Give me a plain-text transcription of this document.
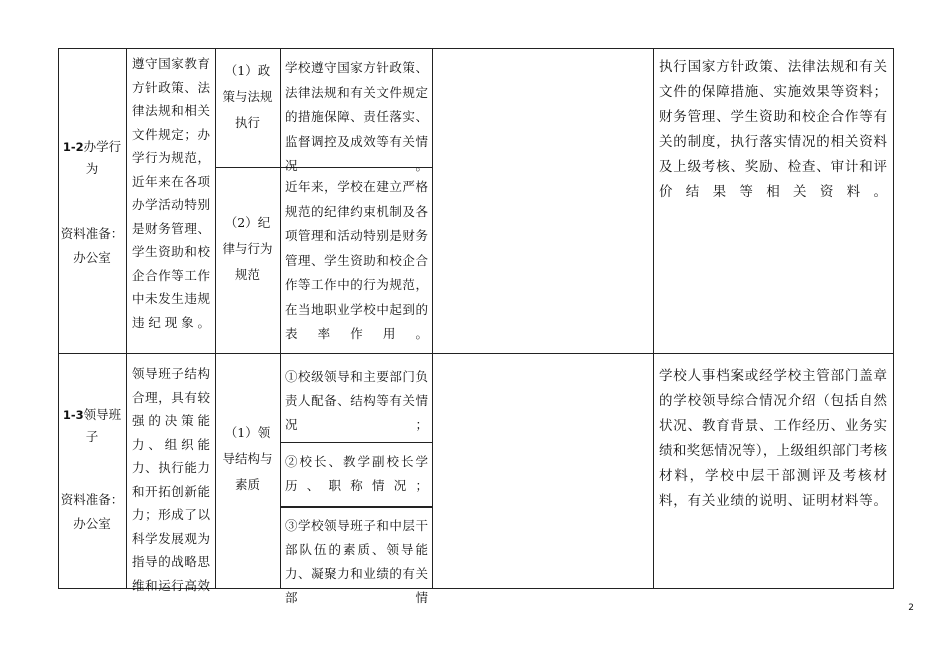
1-2办学行为
资料准备：
办公室
遵守国家教育方针政策、法律法规和相关文件规定；办学行为规范，近年来在各项办学活动特别是财务管理、学生资助和校企合作等工作中未发生违规违纪现象。
（1）政策与法规执行
学校遵守国家方针政策、法律法规和有关文件规定的措施保障、责任落实、监督调控及成效等有关情况。
（2）纪律与行为规范
近年来，学校在建立严格规范的纪律约束机制及各项管理和活动特别是财务管理、学生资助和校企合作等工作中的行为规范，在当地职业学校中起到的表率作用。
执行国家方针政策、法律法规和有关文件的保障措施、实施效果等资料；财务管理、学生资助和校企合作等有关的制度，执行落实情况的相关资料及上级考核、奖励、检查、审计和评价结果等相关资料。
1-3领导班子
资料准备：
办公室
领导班子结构合理，具有较强的决策能力、组织能力、执行能力和开拓创新能力；形成了以科学发展观为指导的战略思维和运行高效
（1）领导结构与素质
①校级领导和主要部门负责人配备、结构等有关情况；
②校长、教学副校长学历、职称情况；
③学校领导班子和中层干部队伍的素质、领导能力、凝聚力和业绩的有关部情
学校人事档案或经学校主管部门盖章的学校领导综合情况介绍（包括自然状况、教育背景、工作经历、业务实绩和奖惩情况等），上级组织部门考核材料，学校中层干部测评及考核材料，有关业绩的说明、证明材料等。
2
